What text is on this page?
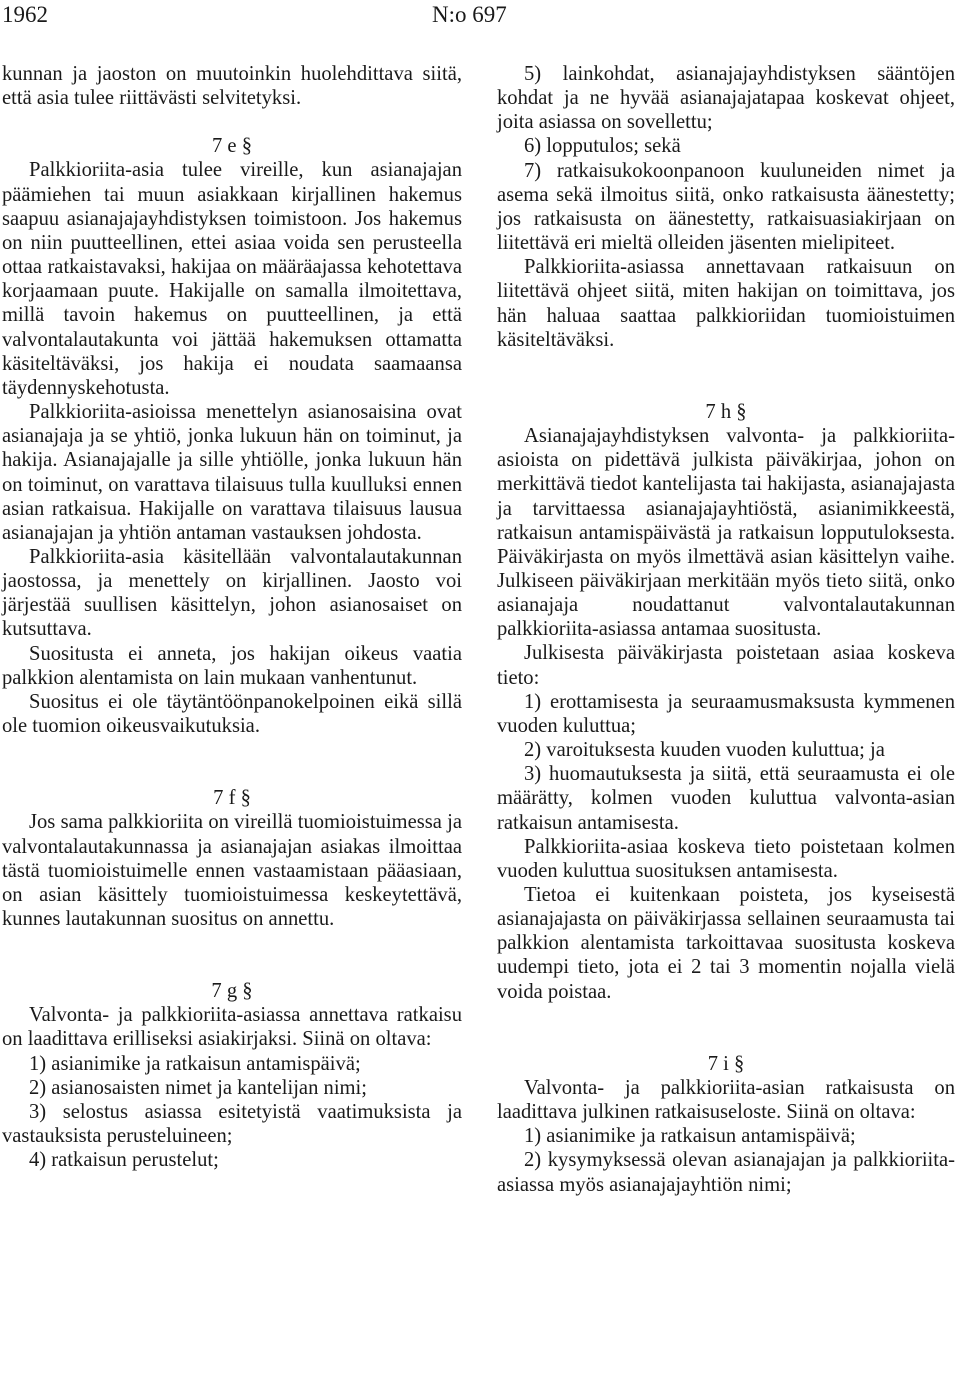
1962	N:o 697

kunnan ja jaoston on muutoinkin huolehdittava siitä, että asia tulee riittävästi selvitetyksi.

7 e §

Palkkioriita-asia tulee vireille, kun asianajajan päämiehen tai muun asiakkaan kirjallinen hakemus saapuu asianajajayhdistyksen toimistoon. Jos hakemus on niin puutteellinen, ettei asiaa voida sen perusteella ottaa ratkaistavaksi, hakijaa on määräajassa kehotettava korjaamaan puute. Hakijalle on samalla ilmoitettava, millä tavoin hakemus on puutteellinen, ja että valvontalautakunta voi jättää hakemuksen ottamatta käsiteltäväksi, jos hakija ei noudata saamaansa täydennyskehotusta.

Palkkioriita-asioissa menettelyn asianosaisina ovat asianajaja ja se yhtiö, jonka lukuun hän on toiminut, ja hakija. Asianajajalle ja sille yhtiölle, jonka lukuun hän on toiminut, on varattava tilaisuus tulla kuulluksi ennen asian ratkaisua. Hakijalle on varattava tilaisuus lausua asianajajan ja yhtiön antaman vastauksen johdosta.

Palkkioriita-asia käsitellään valvontalautakunnan jaostossa, ja menettely on kirjallinen. Jaosto voi järjestää suullisen käsittelyn, johon asianosaiset on kutsuttava.

Suositusta ei anneta, jos hakijan oikeus vaatia palkkion alentamista on lain mukaan vanhentunut.

Suositus ei ole täytäntöönpanokelpoinen eikä sillä ole tuomion oikeusvaikutuksia.

7 f §

Jos sama palkkioriita on vireillä tuomioistuimessa ja valvontalautakunnassa ja asianajajan asiakas ilmoittaa tästä tuomioistuimelle ennen vastaamistaan pääasiaan, on asian käsittely tuomioistuimessa keskeytettävä, kunnes lautakunnan suositus on annettu.

7 g §

Valvonta- ja palkkioriita-asiassa annettava ratkaisu on laadittava erilliseksi asiakirjaksi. Siinä on oltava:

1) asianimike ja ratkaisun antamispäivä;

2) asianosaisten nimet ja kantelijan nimi;

3) selostus asiassa esitetyistä vaatimuksista ja vastauksista perusteluineen;

4) ratkaisun perustelut;

5) lainkohdat, asianajajayhdistyksen sääntöjen kohdat ja ne hyvää asianajajatapaa koskevat ohjeet, joita asiassa on sovellettu;

6) lopputulos; sekä

7) ratkaisukokoonpanoon kuuluneiden nimet ja asema sekä ilmoitus siitä, onko ratkaisusta äänestetty; jos ratkaisusta on äänestetty, ratkaisuasiakirjaan on liitettävä eri mieltä olleiden jäsenten mielipiteet.

Palkkioriita-asiassa annettavaan ratkaisuun on liitettävä ohjeet siitä, miten hakijan on toimittava, jos hän haluaa saattaa palkkioriidan tuomioistuimen käsiteltäväksi.

7 h §

Asianajajayhdistyksen valvonta- ja palkkioriita-asioista on pidettävä julkista päiväkirjaa, johon on merkittävä tiedot kantelijasta tai hakijasta, asianajajasta ja tarvittaessa asianajajayhtiöstä, asianimikkeestä, ratkaisun antamispäivästä ja ratkaisun lopputuloksesta. Päiväkirjasta on myös ilmettävä asian käsittelyn vaihe. Julkiseen päiväkirjaan merkitään myös tieto siitä, onko asianajaja noudattanut valvontalautakunnan palkkioriita-asiassa antamaa suositusta.

Julkisesta päiväkirjasta poistetaan asiaa koskeva tieto:

1) erottamisesta ja seuraamusmaksusta kymmenen vuoden kuluttua;

2) varoituksesta kuuden vuoden kuluttua; ja

3) huomautuksesta ja siitä, että seuraamusta ei ole määrätty, kolmen vuoden kuluttua valvonta-asian ratkaisun antamisesta.

Palkkioriita-asiaa koskeva tieto poistetaan kolmen vuoden kuluttua suosituksen antamisesta.

Tietoa ei kuitenkaan poisteta, jos kyseisestä asianajajasta on päiväkirjassa sellainen seuraamusta tai palkkion alentamista tarkoittavaa suositusta koskeva uudempi tieto, jota ei 2 tai 3 momentin nojalla vielä voida poistaa.

7 i §

Valvonta- ja palkkioriita-asian ratkaisusta on laadittava julkinen ratkaisuseloste. Siinä on oltava:

1) asianimike ja ratkaisun antamispäivä;

2) kysymyksessä olevan asianajajan ja palkkioriita-asiassa myös asianajajayhtiön nimi;
